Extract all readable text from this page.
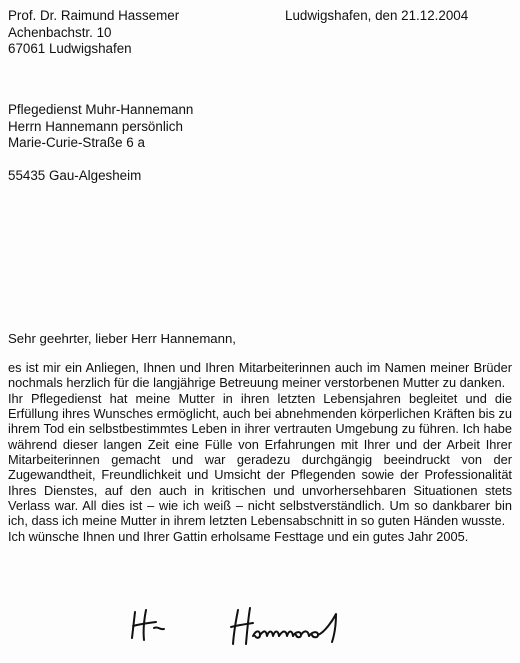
Prof. Dr. Raimund Hassemer
Achenbachstr. 10
67061 Ludwigshafen
Ludwigshafen, den 21.12.2004
Pflegedienst Muhr-Hannemann
Herrn Hannemann persönlich
Marie-Curie-Straße 6 a
55435 Gau-Algesheim
Sehr geehrter, lieber Herr Hannemann,

es ist mir ein Anliegen, Ihnen und Ihren Mitarbeiterinnen auch im Namen meiner Brüder nochmals herzlich für die langjährige Betreuung meiner verstorbenen Mutter zu danken.

Ihr Pflegedienst hat meine Mutter in ihren letzten Lebensjahren begleitet und die Erfüllung ihres Wunsches ermöglicht, auch bei abnehmenden körperlichen Kräften bis zu ihrem Tod ein selbstbestimmtes Leben in ihrer vertrauten Umgebung zu führen. Ich habe während dieser langen Zeit eine Fülle von Erfahrungen mit Ihrer und der Arbeit Ihrer Mitarbeiterinnen gemacht und war geradezu durchgängig beeindruckt von der Zugewandtheit, Freundlichkeit und Umsicht der Pflegenden sowie der Professionalität Ihres Dienstes, auf den auch in kritischen und unvorhersehbaren Situationen stets Verlass war. All dies ist – wie ich weiß – nicht selbstverständlich. Um so dankbarer bin ich, dass ich meine Mutter in ihrem letzten Lebensabschnitt in so guten Händen wusste.

Ich wünsche Ihnen und Ihrer Gattin erholsame Festtage und ein gutes Jahr 2005.
